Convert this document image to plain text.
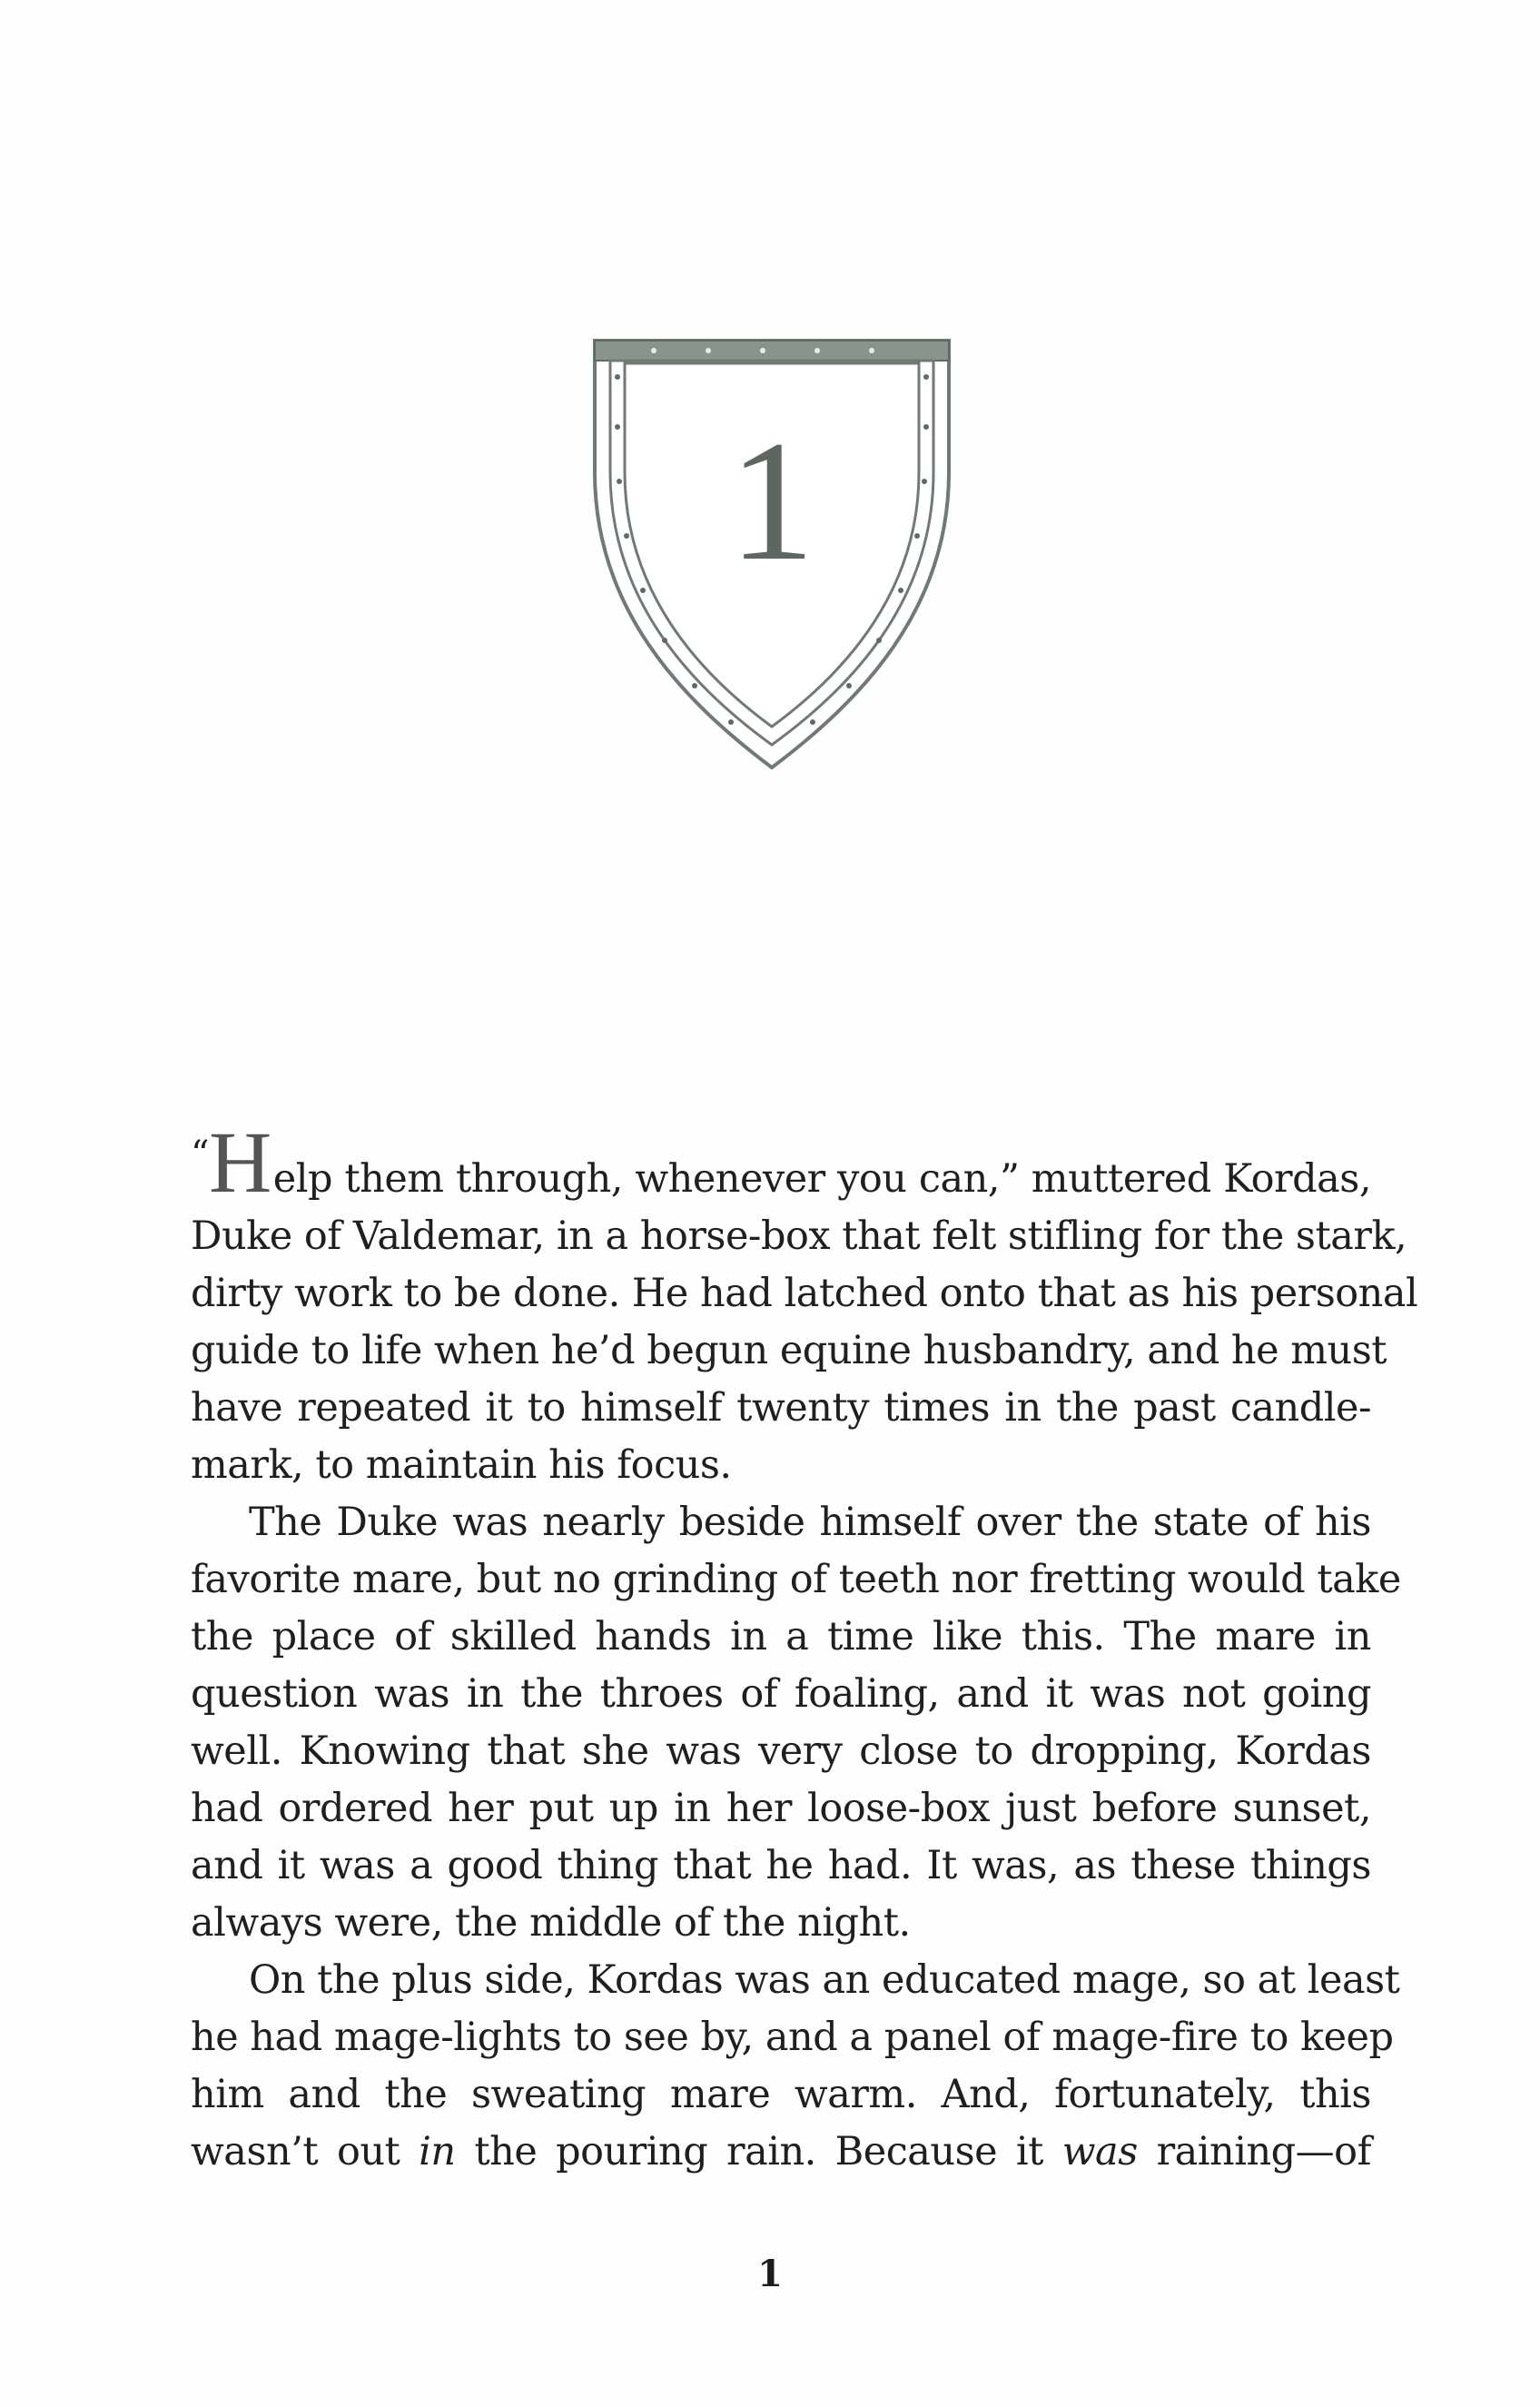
1

“Help them through, whenever you can,” muttered Kordas,
Duke of Valdemar, in a horse-box that felt stifling for the stark,
dirty work to be done. He had latched onto that as his personal
guide to life when he’d begun equine husbandry, and he must
have repeated it to himself twenty times in the past candle-
mark, to maintain his focus.

The Duke was nearly beside himself over the state of his
favorite mare, but no grinding of teeth nor fretting would take
the place of skilled hands in a time like this. The mare in
question was in the throes of foaling, and it was not going
well. Knowing that she was very close to dropping, Kordas
had ordered her put up in her loose-box just before sunset,
and it was a good thing that he had. It was, as these things
always were, the middle of the night.

On the plus side, Kordas was an educated mage, so at least
he had mage-lights to see by, and a panel of mage-fire to keep
him and the sweating mare warm. And, fortunately, this
wasn’t out in the pouring rain. Because it was raining—of

1
